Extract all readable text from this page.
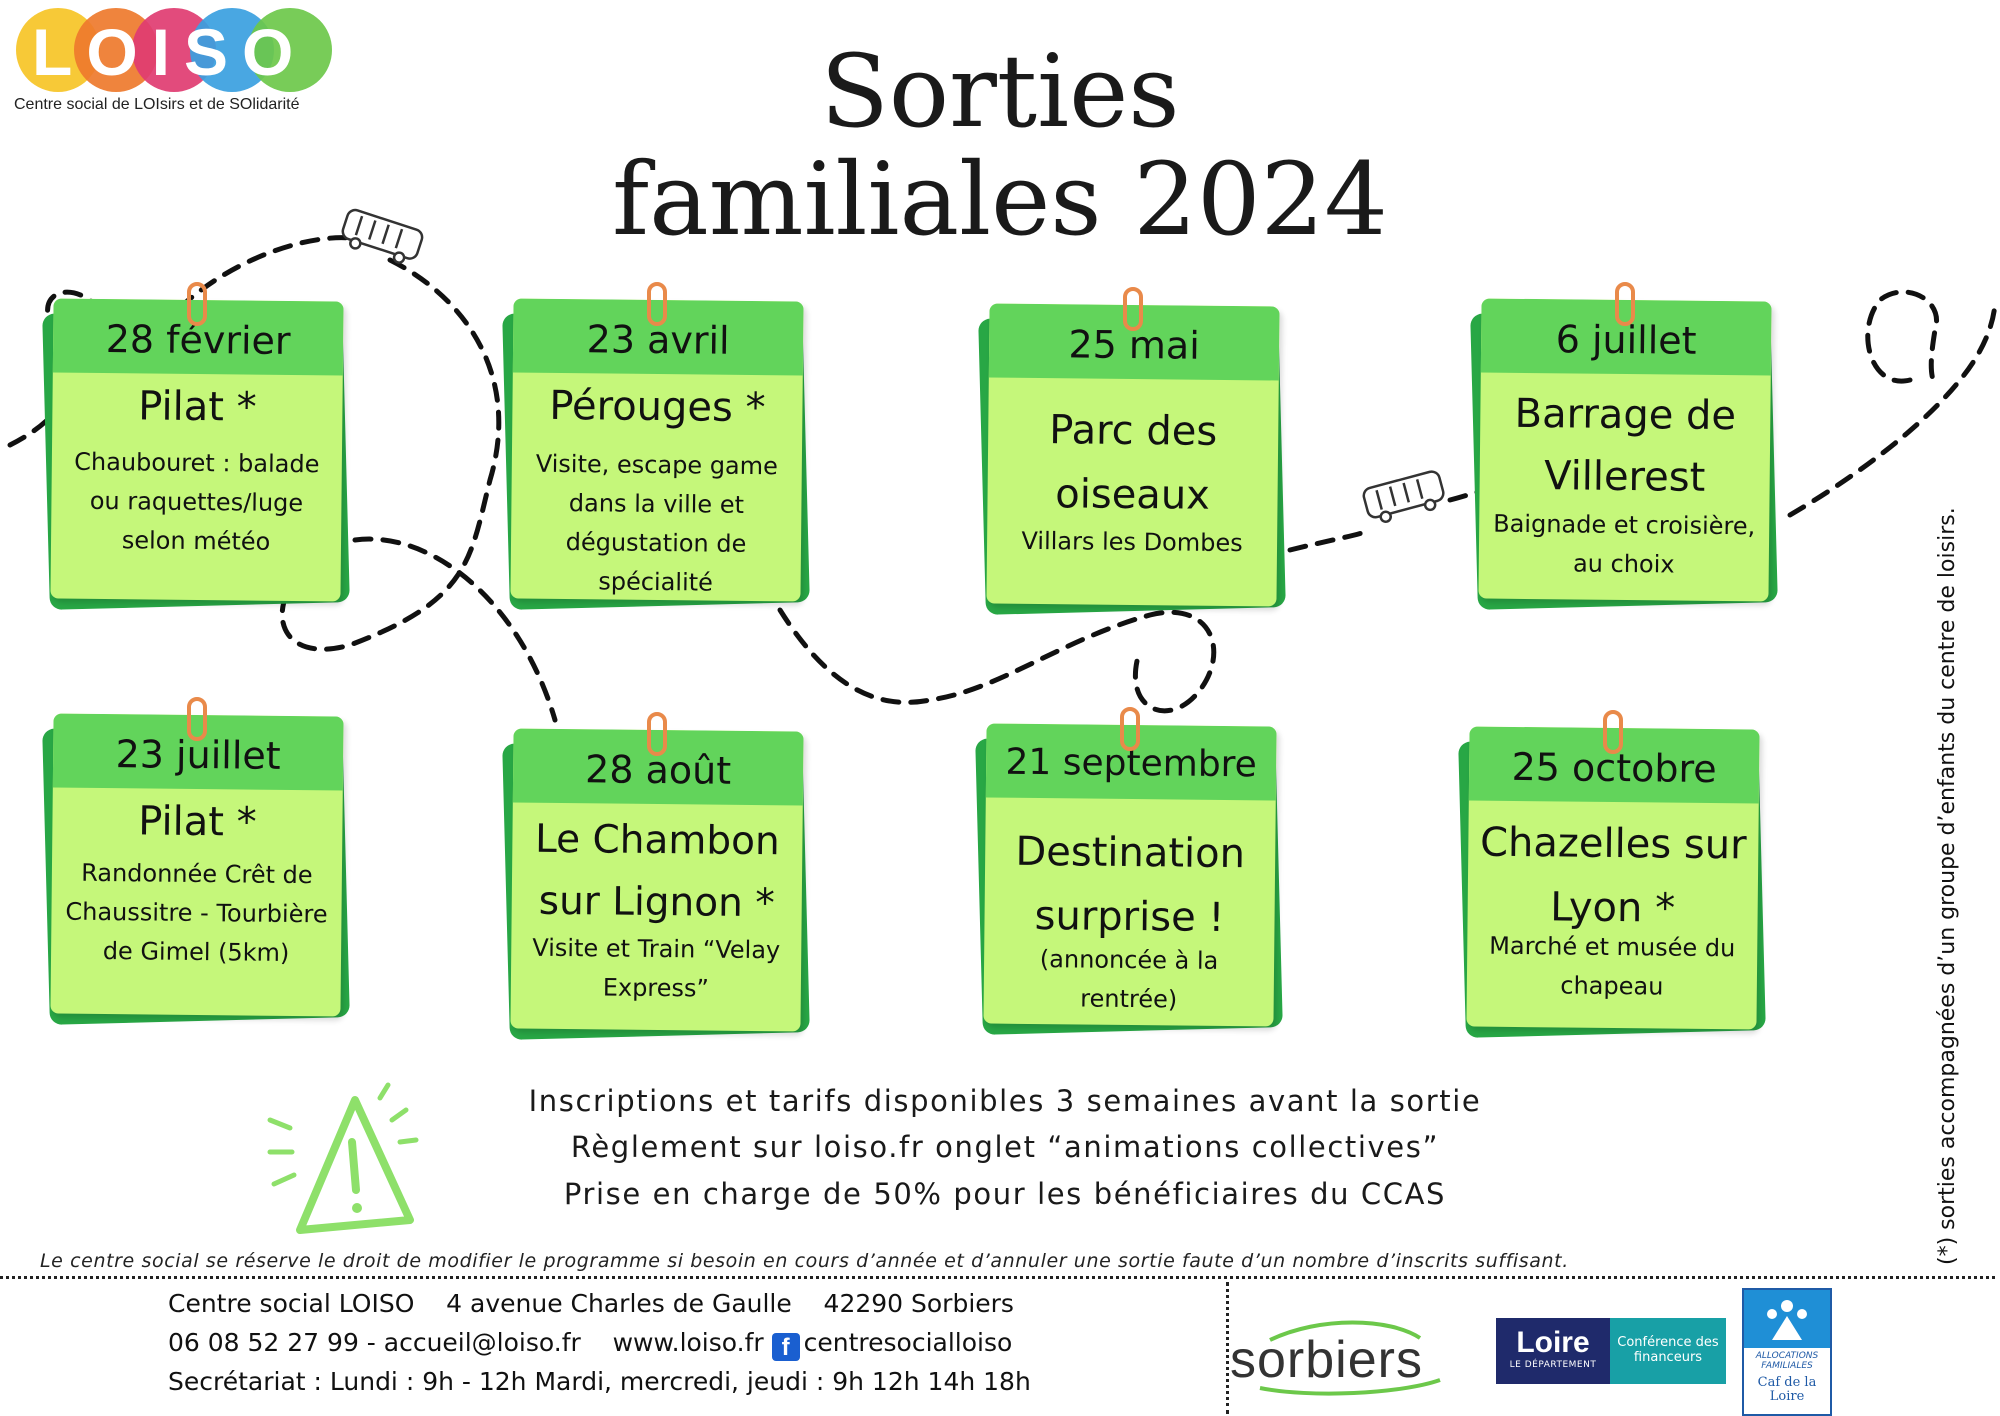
LOISO
Centre social de LOIsirs et de SOlidarité	Sorties
familiales 2024
28 février
Pilat *
Chaubouret : balade ou raquettes/luge selon météo
23 avril
Pérouges *
Visite, escape game dans la ville et dégustation de spécialité
25 mai
Parc des oiseaux
Villars les Dombes
6 juillet
Barrage de Villerest
Baignade et croisière, au choix
23 juillet
Pilat *
Randonnée Crêt de Chaussitre - Tourbière de Gimel (5km)
28 août
Le Chambon sur Lignon *
Visite et Train “Velay Express”
21 septembre
Destination surprise !
(annoncée à la rentrée)
25 octobre
Chazelles sur Lyon *
Marché et musée du chapeau
Inscriptions et tarifs disponibles 3 semaines avant la sortie
Règlement sur loiso.fr onglet “animations collectives”
Prise en charge de 50% pour les bénéficiaires du CCAS	(*) sorties accompagnées d’un groupe d’enfants du centre de loisirs.
Le centre social se réserve le droit de modifier le programme si besoin en cours d’année et d’annuler une sortie faute d’un nombre d’inscrits suffisant.
Centre social LOISO    4 avenue Charles de Gaulle    42290 Sorbiers
06 08 52 27 99 - accueil@loiso.fr www.loiso.fr f centresocialloiso
Secrétariat : Lundi : 9h - 12h Mardi, mercredi, jeudi : 9h 12h 14h 18h	sorbiers	Loire
LE DÉPARTEMENT
Conférence des financeurs	ALLOCATIONS FAMILIALES
Caf de la Loire
